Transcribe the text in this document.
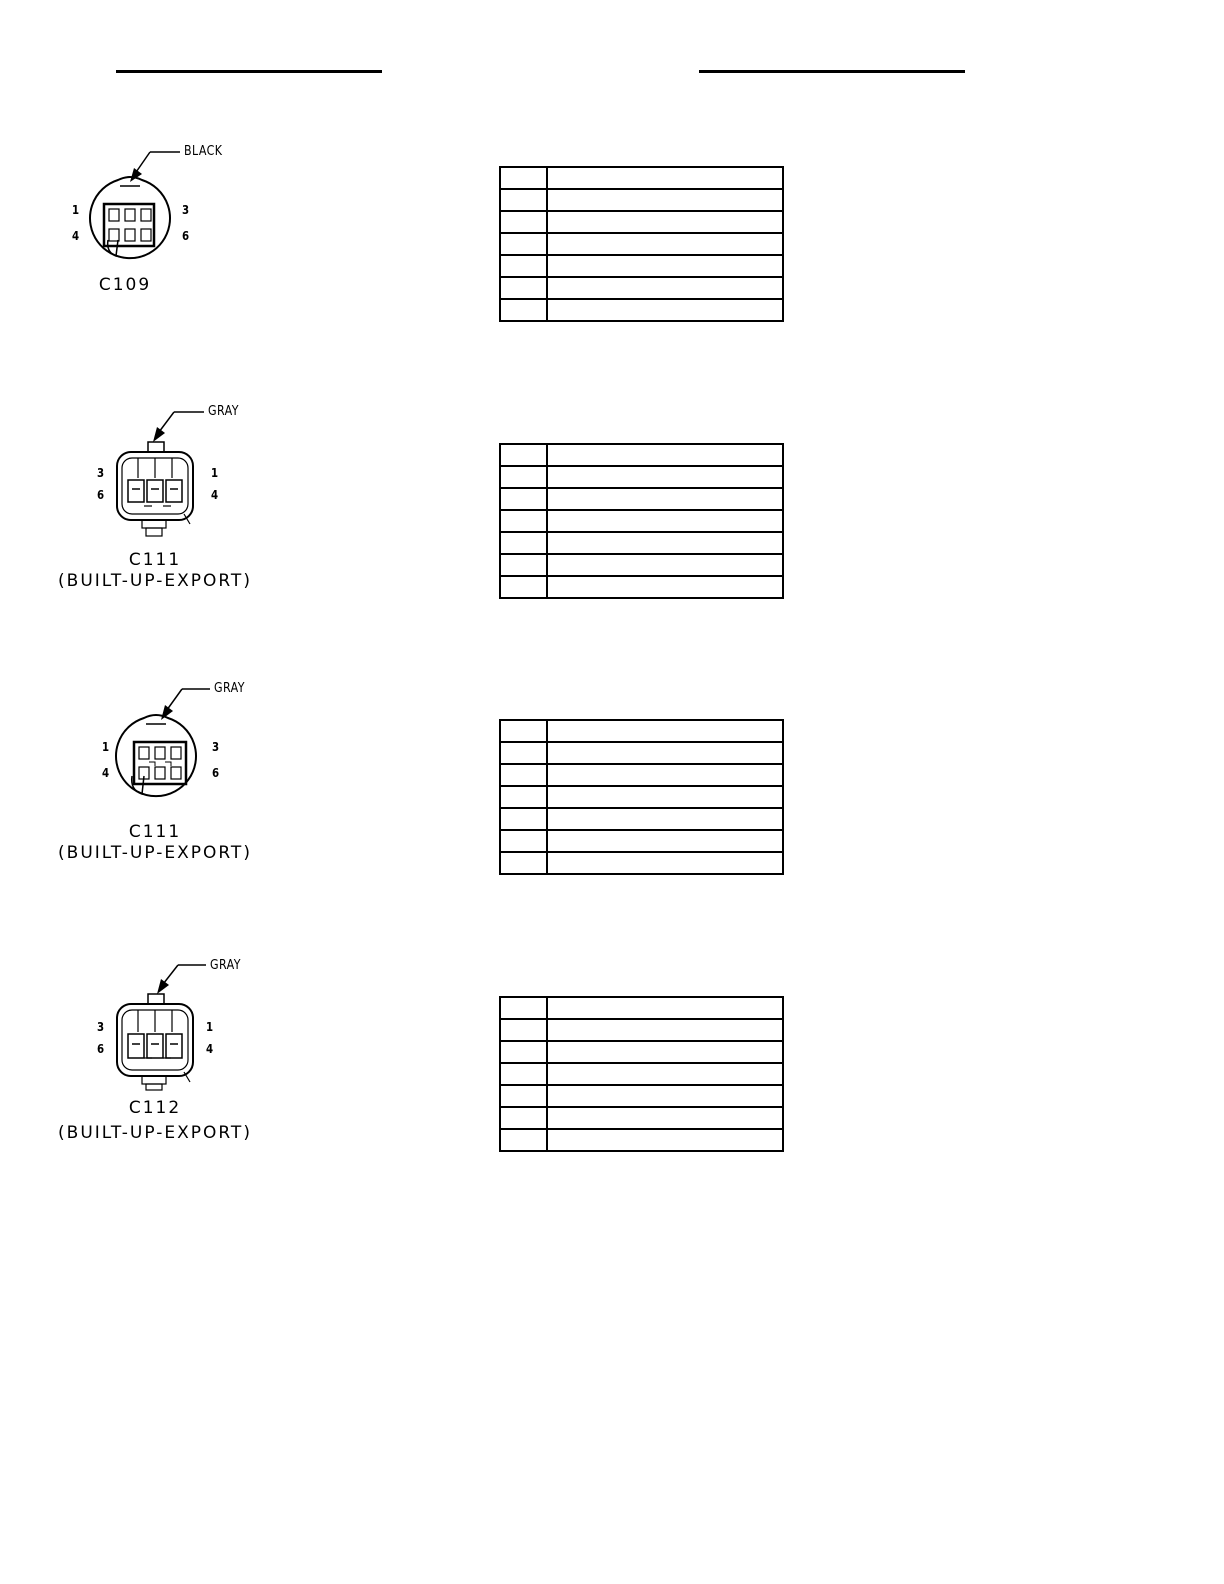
BLACK
1
4
3
6
C109
GRAY
3
6
1
4
C111
(BUILT-UP-EXPORT)
GRAY
1
4
3
6
C111
(BUILT-UP-EXPORT)
GRAY
3
6
1
4
C112
(BUILT-UP-EXPORT)
